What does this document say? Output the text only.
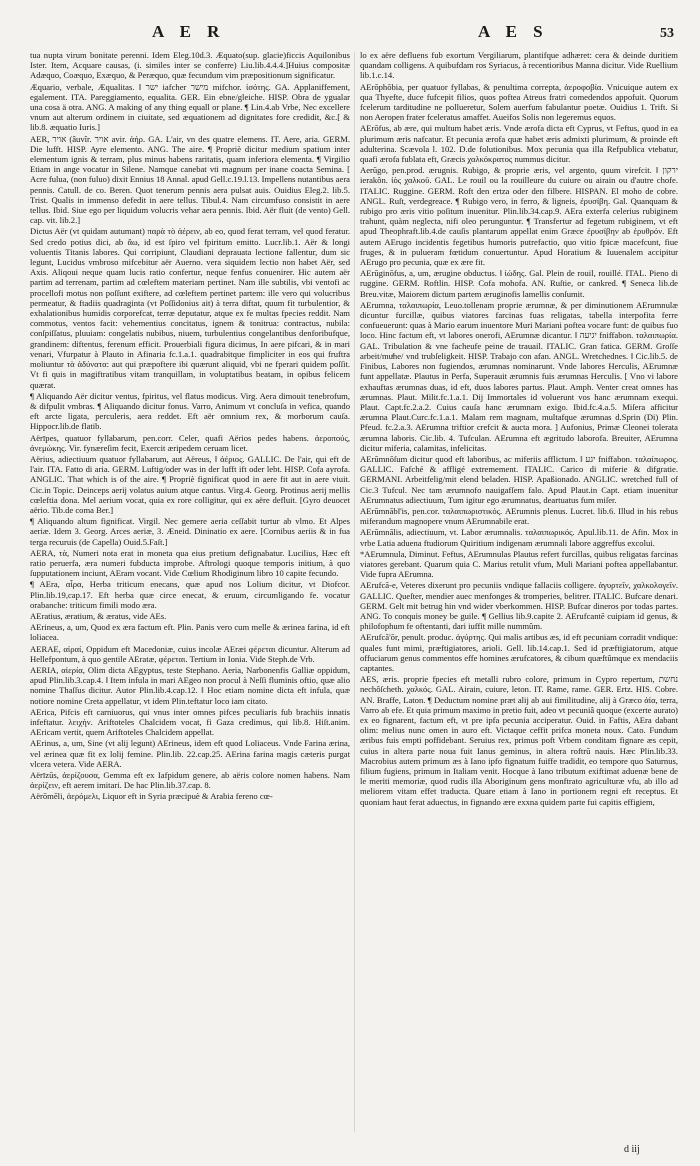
A E R	A E S	53

tua nupta virum bonitate perenni. Idem Eleg.10d.3. Æquato(sup. glacie)ficcis Aquilonibus Ister. Item, Acquare causas, (i. similes inter se conferre) Liu.lib.4.4.4.]Huius compositæ Adæquo, Coæquo, Exæquo, & Peræquo, quæ fecundum vim præpositionum significatur.

Æquario, verbale, Æqualitas. ‖ ישר iafcher מישר mifchor. ἰσότης. GA. Applaniffement, egalement. ITA. Pareggiamento, equalita. GER. Ein ebne/gleiche. HISP. Obra de ygualar una cosa ä otra. ANG. A making of any thing equall or plane. ¶ Lin.4.ab Vrbe, Nec excellere vnum aut alterum ordinem in ciuitate, sed æquationem ad dignitates fore credidit, &c.[ & lib.8. æquatio Iuris.]

AER, אויר (âuvîr. אויר avir. ἀήρ. GA. L'air, vn des quatre elemens. IT. Aere, aria. GERM. Die lufft. HISP. Ayre elemento. ANG. The aire. ¶ Propriè dicitur medium spatium inter elementum ignis & terram, plus minus habens raritatis, quam inferiora elementa. ¶ Virgilio Etiam in ange vocatur in Silene. Namque canebat vti magnum per inane coacta Semina. [ Acre fulua, (non fuluo) dixit Ennius 18 Annal. apud Gell.c.19.l.13. Impellens nutantibus aera pennis. Catull. de co. Beren. Quot tenerum pennis aera pulsat auis. Ouidius Eleg.2. lib.5. Trist. Qualis in immenso defedit in aere tellus. Tibul.4. Nam circumfuso consistit in aere tellus. Ibid. Siue ego per liquidum volucris vehar aera pennis. Ibid. Aër fluit (de vento) Gell. cap. vit. lib.2.]

Dictus Aër (vt quidam autumant) παρὰ τὸ ἀέρειν, ab eo, quod ferat terram, vel quod feratur. Sed credo potius dici, ab ἄω, id est ſpiro vel fpiritum emitto. Lucr.lib.1. Aër & longi voluentis Titanis labores. Qui corripiunt, Claudiani deprauata lectione fallentur, dum sic legunt, Lucidus vmbroso mifcebitur aër Auerno. vera siquidem lectio non habet Aër, sed Axis. Aliqoui neque quam lucis ratio confertur, neque fenfus conuenirer. Hic autem aër partim ad terrenam, partim ad cœleftem materiam pertinet. Nam ille subtilis, vbi ventofi ac procellofi motus non poſſunt exiftere, ad cœleftem pertinet partem: ille vero qui volucribus permeatur, & ftadiis quadraginta (vt Poſſidonius ait) à terra diftat, quum fit turbulentior, & exhalationibus humidis corporefcat, terræ deputatur, atque ex fe multas fpecies reddit. Nam commotus, ventos facit: vehementius concitatus, ignem & tonitrua: contractus, nubila: conſpiſſatus, pluuiam: congelatis nubibus, niuem, turbulentius congelantibus denforibufque, grandinem: diftentus, ferenum efficit. Prouerbiali figura dicimus, In aere pifcari, & in mari venari, Vfurpatur à Plauto in Afinaria fc.1.a.1. quadrabitque fimpliciter in eos qui fruftra moliuntur τὰ ἀδύνατα: aut qui præpoftere ibi quærunt aliquid, vbi ne fperari quidem poſſit. Vt fi quis in magiftratibus vitam tranquillam, in voluptatibus beatam, in opibus felicem quærat.

¶ Aliquando Aër dicitur ventus, fpiritus, vel flatus modicus. Virg. Aera dimouit tenebrofum, & difpulit vmbras. ¶ Aliquando dicitur fonus. Varro, Animum vt concluſa in vefica, quando eft arcte ligata, perculeris, aera reddet. Eft aër omnium rex, & morborum cauſa. Hippocr.lib.de flatib.

Aërīpes, quatuor fyllabarum, pen.corr. Celer, quafi Aërios pedes habens. ἀεροπούς, ἀνεμώκης. Vir. fynæreſim fecit, Exercit æripedem ceruam licet.

Aërius, adiectiuum quatuor fyllabarum, aut Aëreus, ‖ ἀέριος. GALLIC. De l'air, qui eft de l'air. ITA. Fatto di aria. GERM. Luftig/oder was in der lufft ift oder lebt. HISP. Cofa ayrofa. ANGLIC. That which is of the aire. ¶ Propriè fignificat quod in aere fit aut in aere viuit. Cic.in Topic. Deinceps aerij volatus auium atque cantus. Virg.4. Georg. Protinus aerij mellis cœleftia dona. Mel aerium vocat, quia ex rore colligitur, qui ex aëre defluit. [Gyro deuocet aërio. Tib.de coma Ber.]

¶ Aliquando altum fignificat. Virgil. Nec gemere aeria ceſſabit turtur ab vlmo. Et Alpes aeriæ. Idem 3. Georg. Arces aeriæ, 3. Æneid. Dininatio ex aere. [Cornibus aeriis & in fua terga recuruis (de Capella) Ouid.5.Faſt.]

AERA, τὰ, Numeri nota erat in moneta qua eius pretium defignabatur. Lucilius, Hæc eft ratio peruerfa, æra numeri fubducta improbe. Aftrologi quoque temporis initium, à quo ſupputationem inciunt, AEram vocant. Vide Cœlium Rhodiginum libro 10 capite fecundo.

¶ AEra, αἶρα, Herba triticum enecans, quæ apud nos Lolium dicitur, vt Diofcor. Plin.lib.19,cap.17. Eft herba quæ circe enecat, & eruum, circumligando fe. vocatur orabanche: triticum fimili modo æra.

AEratius, æratium, & æratus, vide AEs.

AErineus, a, um, Quod ex æra factum eft. Plin. Panis vero cum melle & ærinea farina, id eft loliacea.

AERAE, αἰραί, Oppidum eft Macedoniæ, cuius incolæ AEræi φέρεται dicuntur. Alterum ad Hellefpontum, à quo gentile AEratæ, φέρεται. Tertium in Ionia. Vide Steph.de Vrb.

AERIA, αἰερία, Olim dicta AEgyptus, teste Stephano. Aeria, Narbonenfis Galliæ oppidum, apud Plin.lib.3.cap.4. ‖ Item infula in mari AEgeo non procul à Neſſi fluminis oftio, quæ alio nomine Thaſſus dicitur. Autor Plin.lib.4.cap.12. ‖ Hoc etiam nomine dicta eft infula, quæ notiore nomine Creta appellatur, vt idem Plin.teftatur loco iam citato.

AErica, Pifcis eft carniuorus, qui vnus inter omnes pifces peculiaris fub brachiis innatis infeftatur. λειχήν. Ariftoteles Chalcidem vocat, fi Gaza credimus, qui lib.8. Hiſt.anim. AEricam vertit, quem Ariftoteles Chalcidem appellat.

AErinus, a, um, Sine (vt alij legunt) AErineus, idem eft quod Loliaceus. Vnde Farina ærina, vel ærinea quæ fit ex lolij femine. Plin.lib. 22.cap.25. AErina farina magis cæteris purgat vlcera vetera. Vide AERA.

Aërīzūs, ἀερίζουσα, Gemma eft ex Iafpidum genere, ab aëris colore nomen habens. Nam ἀερίζειν, eft aerem imitari. De hac Plin.lib.37.cap. 8.

Aërōmēli, ἀερόμελι, Liquor eft in Syria præcipuè & Arabia fereno cœ-

lo ex aëre defluens fub exortum Vergiliarum, plantifque adhæret: cera & deinde duritiem quandam colligens. A quibufdam ros Syriacus, à recentioribus Manna dicitur. Vide Ruellium lib.1.c.14.

AErŏphŏbia, per quatuor fyllabas, & penultima correpta, ἀεροφοβία. Vnicuique autem ex qua Thyefte, duce fufcepit filios, quos poftea Atreus fratri comedendos appofuit. Quorum fcelerum tarditudine ne pollueretur, Solem auerfum fabulantur poetæ. Ouidius 1. Trift. Si non Aeropen frater fceleratus amaffet. Aueifos Solis non legeremus equos.

AErōfus, ab ære, qui multum habet æris. Vnde ærofa dicta eft Cyprus, vt Feftus, quod in ea plurimum æris nafcatur. Et pecunia ærofa quæ habet æris admixti plurimum, & proinde eft adulterina. Scævola l. 102. D.de folutionibus. Mox pecunia qua illa Refpublica vtebatur, quafi ærofa fublata eft, Græcis χαλκόκρατος nummus dicitur.

Aerūgo, pen.prod. ærugnis. Rubigo, & proprie æris, vel argento, quum virefcit. ‖ ירקון ierakôn. ἰὸς χαλκοῦ. GAL. Le rouil ou la rouilleure du cuiure ou airain ou d'autre chofe. ITALIC. Ruggine. GERM. Roft den ertza oder den filbere. HISPAN. El moho de cobre. ANGL. Ruſt, verdegreace. ¶ Rubigo vero, in ferro, & ligneis, ἐρυσίβη. Gal. Quanquam & rubigo pro æris vitio poſitum inuenitur. Plin.lib.34.cap.9. AEra exterfa celerius rubiginem trahunt, quàm neglecta, nifi oleo perunguntur. ¶ Transfertur ad fegetum rubiginem, vt eft apud Theophraft.lib.4.de cauſis plantarum appellat enim Græce ἐρυσίβην ab ἐρυθρόν. Eft autem AErugo incidentis fegetibus humoris putrefactio, quo vitio fpicæ macefcunt, fiue fruges, & in pulueram fœtidum conuertuntur. Apud Horatium & Iuuenalem accipitur AErugo pro pecunia, quæ ex ære fit.

AErūginōfus, a, um, ærugine obductus. ‖ ἰώδης. Gal. Plein de rouil, rouillé. ITAL. Pieno di ruggine. GERM. Roftlin. HISP. Cofa mohofa. AN. Ruſtie, or cankred. ¶ Seneca lib.de Breu.vitæ, Maiorem dictum partem æruginofis lamellis conſumit.

AErumna, ταλαιπωρία, Leuo.tollenam proprie ærumnæ, & per diminutionem AErumnulæ dicuntur furcillæ, quibus viatores farcinas fuas religatas, tabella interpofita ferre confueuerunt: quas à Mario earum inuentore Muri Mariani poftea vocare funt: de quibus fuo loco. Hinc factum eft, vt labores onerofi, AErumnæ dicantur. ‖ יגיעה fniffabon. ταλαιπωρία. GAL. Tribulation & vne facheufe peine de trauail. ITALIC. Gran fatica. GERM. Groſſe arbeit/muͤhe/ vnd trubſeligkeit. HISP. Trabajo con afan. ANGL. Wretchednes. ‖ Cic.lib.5. de Finibus, Labores non fugiendos, ærumnas nominarunt. Vnde labores Herculis, AErumnæ funt appellatæ. Plautus in Perfa, Superauit ærumnis fuis ærumnas Herculis. [ Vno vi labore exhauftas ærumnas duas, id eft, duos labores partus. Plaut. Amph. Venter creat omnes has ærumnas. Plaut. Milit.fc.1.a.1. Dij Immortales id voluerunt vos hanc ærumnam exequi. Plaut. Capt.fc.2.a.2. Cuius cauſa hanc ærumnam exigo. Ibid.fc.4.a.5. Miſera afficitur ærumna Plaut.Curc.fc.1.a.1. Malam rem magnam, multafque ærumnas d.Sprin (Di) Plin. Pfeud. fc.2.a.3. AErumna triftior crefcit & aucta mora. ] Aufonius, Primæ Cleonei tolerata ærumna laboris. Cic.lib. 4. Tufculan. AErumna eft ægritudo laborofa. Breuiter, AErumna dicitur miferia, calamitas, infelicitas.

AErūmnōſum dicitur quod eft laboribus, ac miferiis afflictum. ‖ יגע fniffabon. ταλαίπωρος. GALLIC. Fafché & affligé extremement. ITALIC. Carico di miferie & difgratie. GERMANI. Arbeitfelig/mit elend beladen. HISP. Apaßionado. ANGLIC. wretched full of Cic.3 Tufcul. Nec tam ærumnofo nauigafſem falo. Apud Plaut.in Capt. etiam inuenitur AErumnatus adiectiuum, Tum igitur ego ærumnatus, deartuatus fum miſer.

AErūmnăbĭ'is, pen.cor. ταλαιπωριστικός. AErumnis plenus. Lucret. lib.6. Illud in his rebus miferandum magnopere vnum AErumnabile erat.

AErūmnālis, adiectiuum, vt. Labor ærumnalis. ταλαιπωρικός. Apul.lib.11. de Afin. Mox in vrbe Latia aduena ftudiorum Quiritium indigenam ærumnali labore aggreffus excolui.

*AErumnula, Diminut. Feftus, AErumnulas Plautus refert furcillas, quibus religatas farcinas viatores gerebant. Quarum quia C. Marius retulit vfum, Muli Mariani poftea appellabantur. Vide fupra AErumna.

AErufcā-e, Veteres dixerunt pro pecuniis vndique fallaciis colligere. ἀγυρτεῖν, χαλκολογεῖν. GALLIC. Queſter, mendier auec menfonges & tromperies, belitrer. ITALIC. Bufcare denari. GERM. Gelt mit betrug hin vnd wider vberkommen. HISP. Bufcar dineros por todas partes. ANG. To conquis money be guile. ¶ Gellius lib.9.capite 2. AErufcantē cuipiam id genus, & philofophum fe oftentanti, dari iuffit mille nummûm.

AErufcă'ōr, penult. produc. ἀγύρτης. Qui malis artibus æs, id eft pecuniam corradit vndique: quales funt mimi, præftigiatores, arioli. Gell. lib.14.cap.1. Sed id præftigiatorum, atque offuciarum genus commentos effe homines ærufcatores, & cibum quæftûmque ex mendaciis captantes.

AES, æris. proprie fpecies eft metalli rubro colore, primum in Cypro repertum, נחשת nechôſcheth. χαλκός. GAL. Airain, cuiure, leton. IT. Rame, rame. GER. Ertz. HIS. Cobre. AN. Braffe, Laton. ¶ Deductum nomine præt alij ab aui fimilitudine, alij à Græco ἀἰα, terra, Varro ab efe. Et quia primum maximo in pretio fuit, adeo vt pecuniâ quoque (excerte aurato) ex eo fignarent, factum eft, vt pre ipfa pecunia acciperatur. Ouid. in Faftis, AEra dabant olim: melius nunc omen in auro eft. Victaque ceffit prifca moneta noux. Cato. Fundum æribus fuis empti poffidebant. Seruius rex, primus poft Vrbem conditam fignare æs cepit, cuius in altera parte noua fuit Ianus geminus, in altera roftrū nauis. Hæc Plin.lib.33. Macrobius autem primum æs à Iano ipfo fignatum fuiffe tradidit, eo tempore quo Saturnus, filium fugiens, primum in Italiam venit. Hocque à Iano tributum exiftimat aduenæ bene de le meriti memoriæ, quod rudis illa Aboriginum gens monftrato agriculturæ vfu, ab illo ad meliorem vitam effet traducta. Quare etiam à Iano in portionem regni eft receptus. Et quoniam haut ferat aduectus, in fignando ære exxna quidem parte fui capitis effigiem,

d iij
